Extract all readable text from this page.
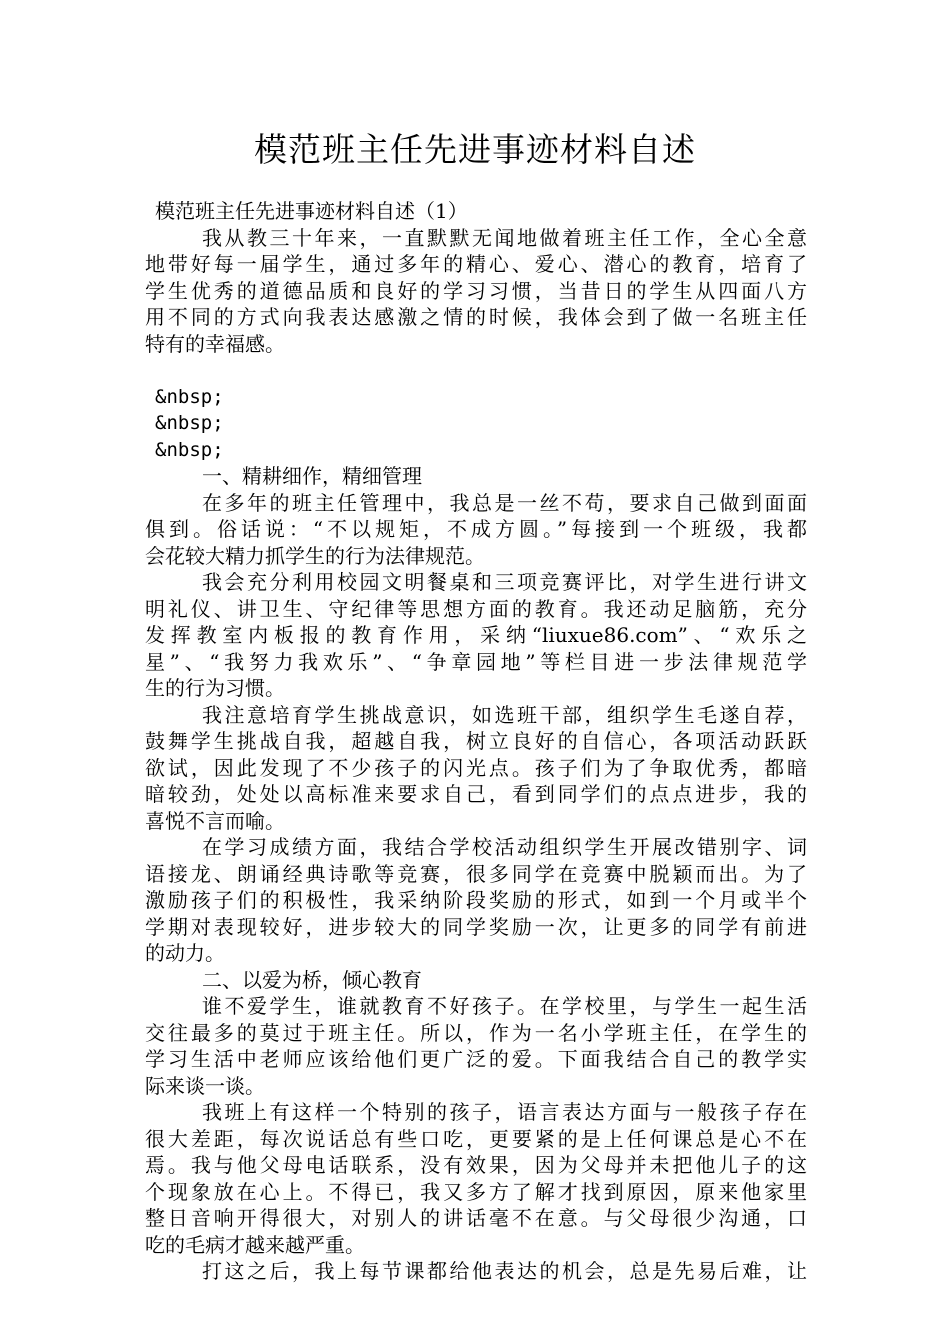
模范班主任先进事迹材料自述
模范班主任先进事迹材料自述（1）
我从教三十年来，一直默默无闻地做着班主任工作，全心全意
地带好每一届学生，通过多年的精心、爱心、潜心的教育，培育了
学生优秀的道德品质和良好的学习习惯，当昔日的学生从四面八方
用不同的方式向我表达感激之情的时候，我体会到了做一名班主任
特有的幸福感。
&nbsp;
&nbsp;
&nbsp;
一、精耕细作，精细管理
在多年的班主任管理中，我总是一丝不苟，要求自己做到面面
俱到。俗话说：“不以规矩，不成方圆。”每接到一个班级，我都
会花较大精力抓学生的行为法律规范。
我会充分利用校园文明餐桌和三项竞赛评比，对学生进行讲文
明礼仪、讲卫生、守纪律等思想方面的教育。我还动足脑筋，充分
发挥教室内板报的教育作用，采纳“liuxue86.com”、“欢乐之
星”、“我努力我欢乐”、“争章园地”等栏目进一步法律规范学
生的行为习惯。
我注意培育学生挑战意识，如选班干部，组织学生毛遂自荐，
鼓舞学生挑战自我，超越自我，树立良好的自信心，各项活动跃跃
欲试，因此发现了不少孩子的闪光点。孩子们为了争取优秀，都暗
暗较劲，处处以高标准来要求自己，看到同学们的点点进步，我的
喜悦不言而喻。
在学习成绩方面，我结合学校活动组织学生开展改错别字、词
语接龙、朗诵经典诗歌等竞赛，很多同学在竞赛中脱颖而出。为了
激励孩子们的积极性，我采纳阶段奖励的形式，如到一个月或半个
学期对表现较好，进步较大的同学奖励一次，让更多的同学有前进
的动力。
二、以爱为桥，倾心教育
谁不爱学生，谁就教育不好孩子。在学校里，与学生一起生活
交往最多的莫过于班主任。所以，作为一名小学班主任，在学生的
学习生活中老师应该给他们更广泛的爱。下面我结合自己的教学实
际来谈一谈。
我班上有这样一个特别的孩子，语言表达方面与一般孩子存在
很大差距，每次说话总有些口吃，更要紧的是上任何课总是心不在
焉。我与他父母电话联系，没有效果，因为父母并未把他儿子的这
个现象放在心上。不得已，我又多方了解才找到原因，原来他家里
整日音响开得很大，对别人的讲话毫不在意。与父母很少沟通，口
吃的毛病才越来越严重。
打这之后，我上每节课都给他表达的机会，总是先易后难，让
